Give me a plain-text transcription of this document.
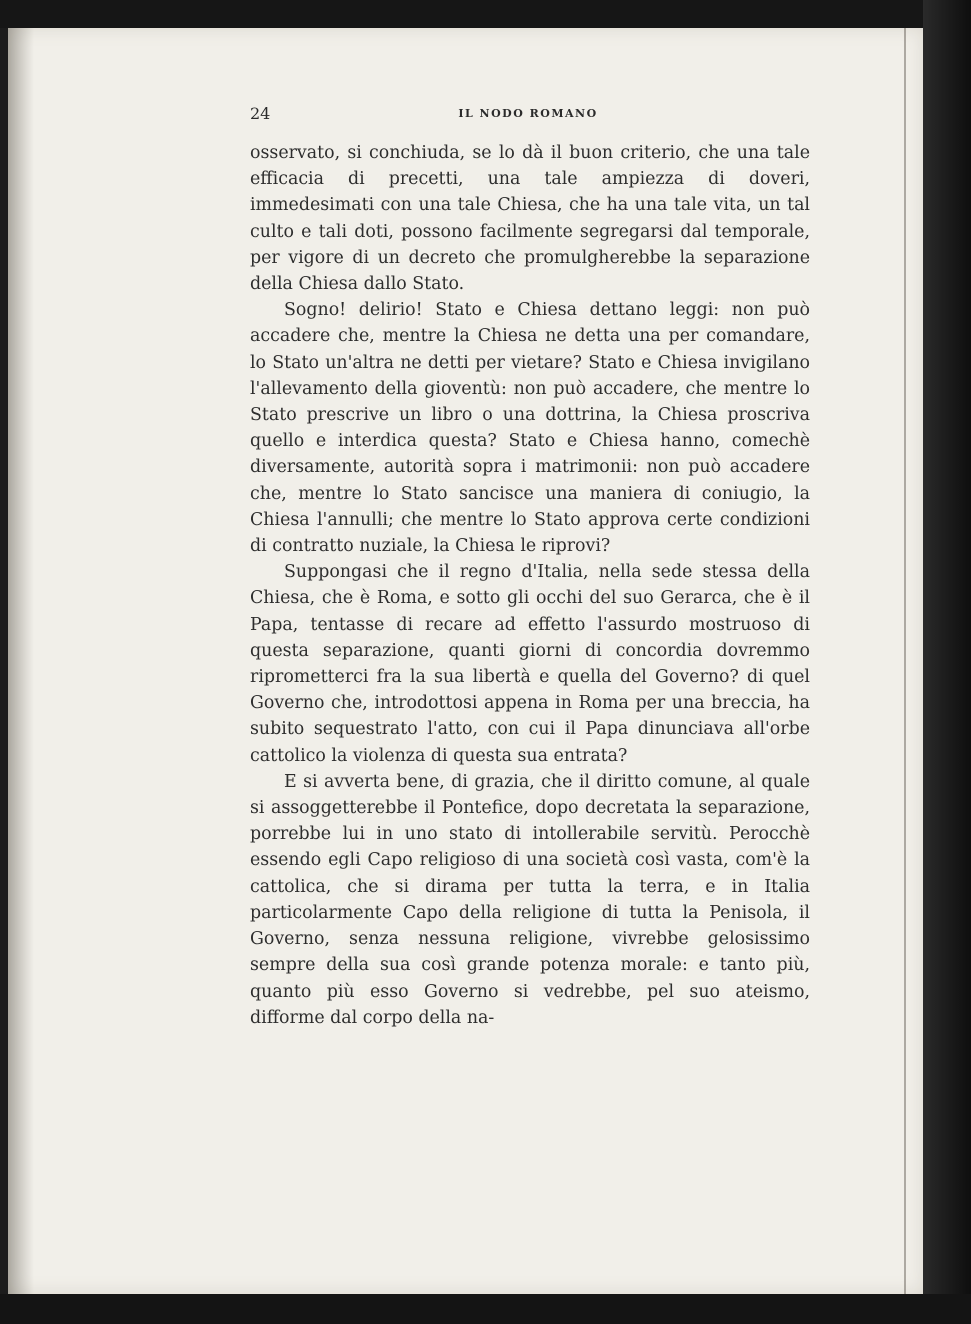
24	IL NODO ROMANO

osservato, si conchiuda, se lo dà il buon criterio, che una tale efficacia di precetti, una tale ampiezza di doveri, immedesimati con una tale Chiesa, che ha una tale vita, un tal culto e tali doti, possono facilmente segregarsi dal temporale, per vigore di un decreto che promulgherebbe la separazione della Chiesa dallo Stato.

Sogno! delirio! Stato e Chiesa dettano leggi: non può accadere che, mentre la Chiesa ne detta una per comandare, lo Stato un'altra ne detti per vietare? Stato e Chiesa invigilano l'allevamento della gioventù: non può accadere, che mentre lo Stato prescrive un libro o una dottrina, la Chiesa proscriva quello e interdica questa? Stato e Chiesa hanno, comechè diversamente, autorità sopra i matrimonii: non può accadere che, mentre lo Stato sancisce una maniera di coniugio, la Chiesa l'annulli; che mentre lo Stato approva certe condizioni di contratto nuziale, la Chiesa le riprovi?

Suppongasi che il regno d'Italia, nella sede stessa della Chiesa, che è Roma, e sotto gli occhi del suo Gerarca, che è il Papa, tentasse di recare ad effetto l'assurdo mostruoso di questa separazione, quanti giorni di concordia dovremmo riprometterci fra la sua libertà e quella del Governo? di quel Governo che, introdottosi appena in Roma per una breccia, ha subito sequestrato l'atto, con cui il Papa dinunciava all'orbe cattolico la violenza di questa sua entrata?

E si avverta bene, di grazia, che il diritto comune, al quale si assoggetterebbe il Pontefice, dopo decretata la separazione, porrebbe lui in uno stato di intollerabile servitù. Perocchè essendo egli Capo religioso di una società così vasta, com'è la cattolica, che si dirama per tutta la terra, e in Italia particolarmente Capo della religione di tutta la Penisola, il Governo, senza nessuna religione, vivrebbe gelosissimo sempre della sua così grande potenza morale: e tanto più, quanto più esso Governo si vedrebbe, pel suo ateismo, difforme dal corpo della na-
